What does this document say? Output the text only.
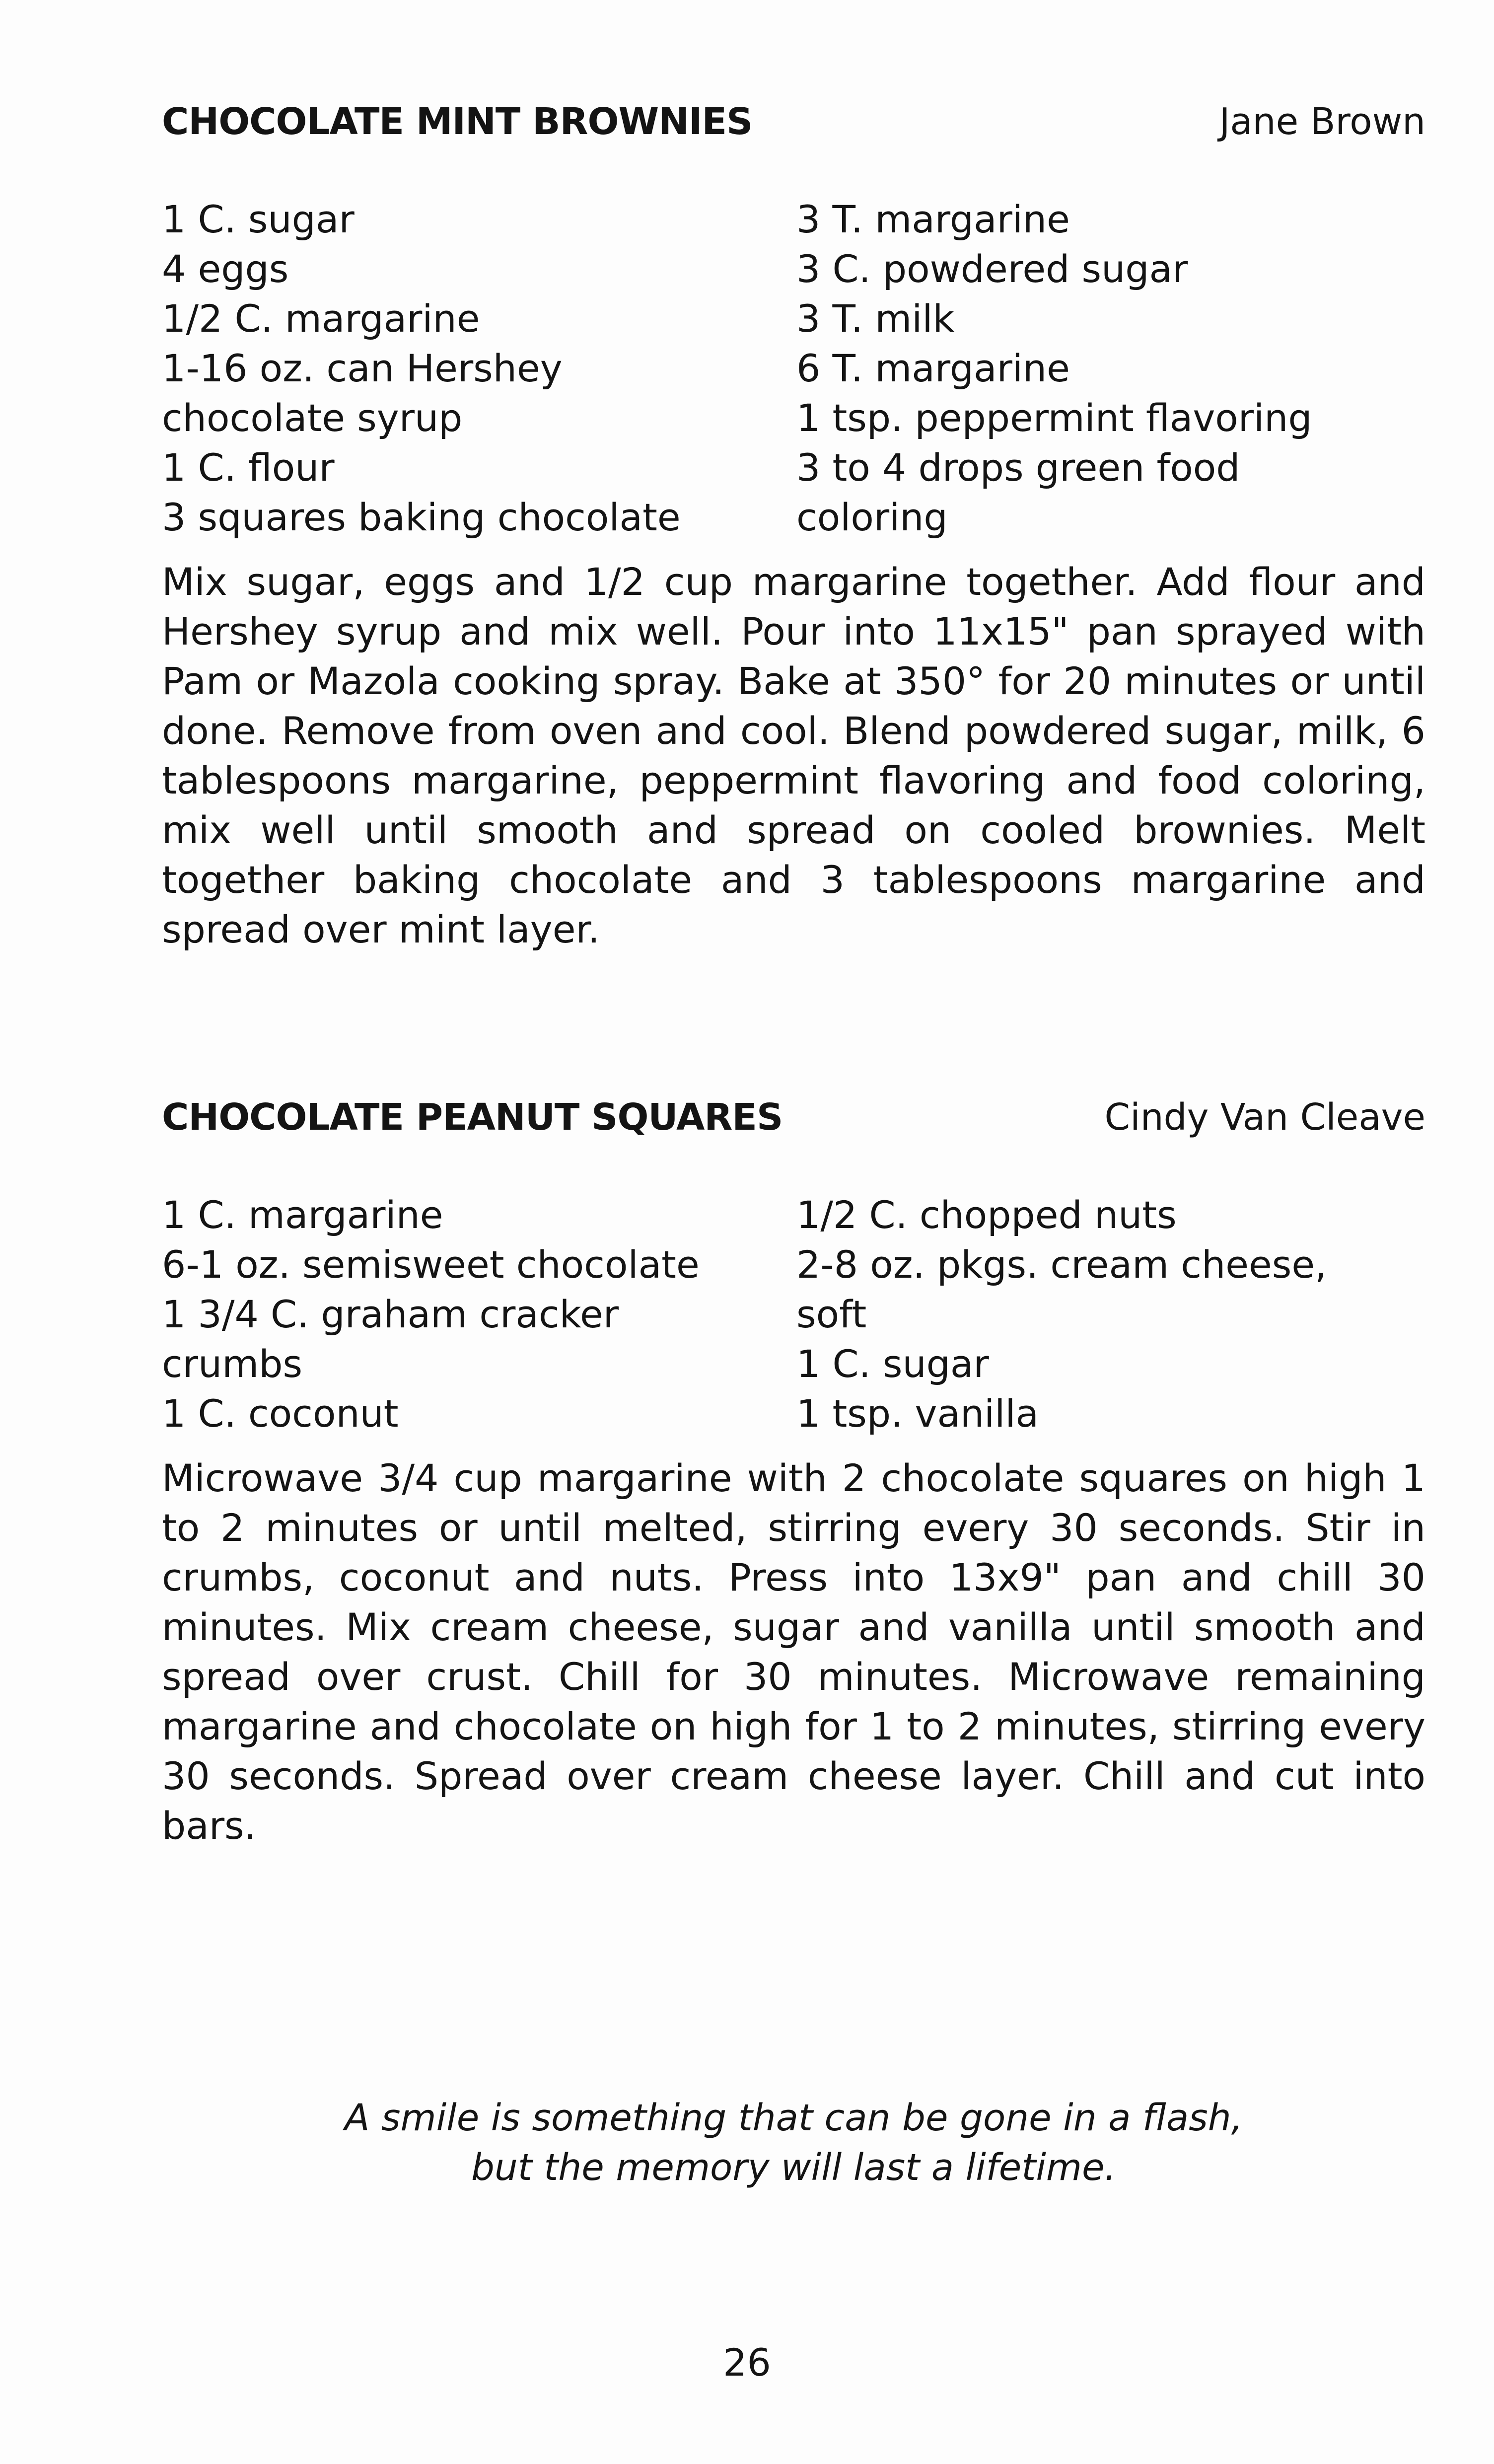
CHOCOLATE MINT BROWNIES	Jane Brown
1 C. sugar
4 eggs
1/2 C. margarine
1-16 oz. can Hershey
chocolate syrup
1 C. flour
3 squares baking chocolate
3 T. margarine
3 C. powdered sugar
3 T. milk
6 T. margarine
1 tsp. peppermint flavoring
3 to 4 drops green food
coloring

Mix sugar, eggs and 1/2 cup margarine together. Add flour and Hershey syrup and mix well. Pour into 11x15" pan sprayed with Pam or Mazola cooking spray. Bake at 350° for 20 minutes or until done. Remove from oven and cool. Blend powdered sugar, milk, 6 tablespoons margarine, peppermint flavoring and food coloring, mix well until smooth and spread on cooled brownies. Melt together baking chocolate and 3 tablespoons margarine and spread over mint layer.

CHOCOLATE PEANUT SQUARES	Cindy Van Cleave
1 C. margarine
6-1 oz. semisweet chocolate
1 3/4 C. graham cracker
crumbs
1 C. coconut
1/2 C. chopped nuts
2-8 oz. pkgs. cream cheese,
soft
1 C. sugar
1 tsp. vanilla

Microwave 3/4 cup margarine with 2 chocolate squares on high 1 to 2 minutes or until melted, stirring every 30 seconds. Stir in crumbs, coconut and nuts. Press into 13x9" pan and chill 30 minutes. Mix cream cheese, sugar and vanilla until smooth and spread over crust. Chill for 30 minutes. Microwave remaining margarine and chocolate on high for 1 to 2 minutes, stirring every 30 seconds. Spread over cream cheese layer. Chill and cut into bars.

A smile is something that can be gone in a flash,
but the memory will last a lifetime.
26
